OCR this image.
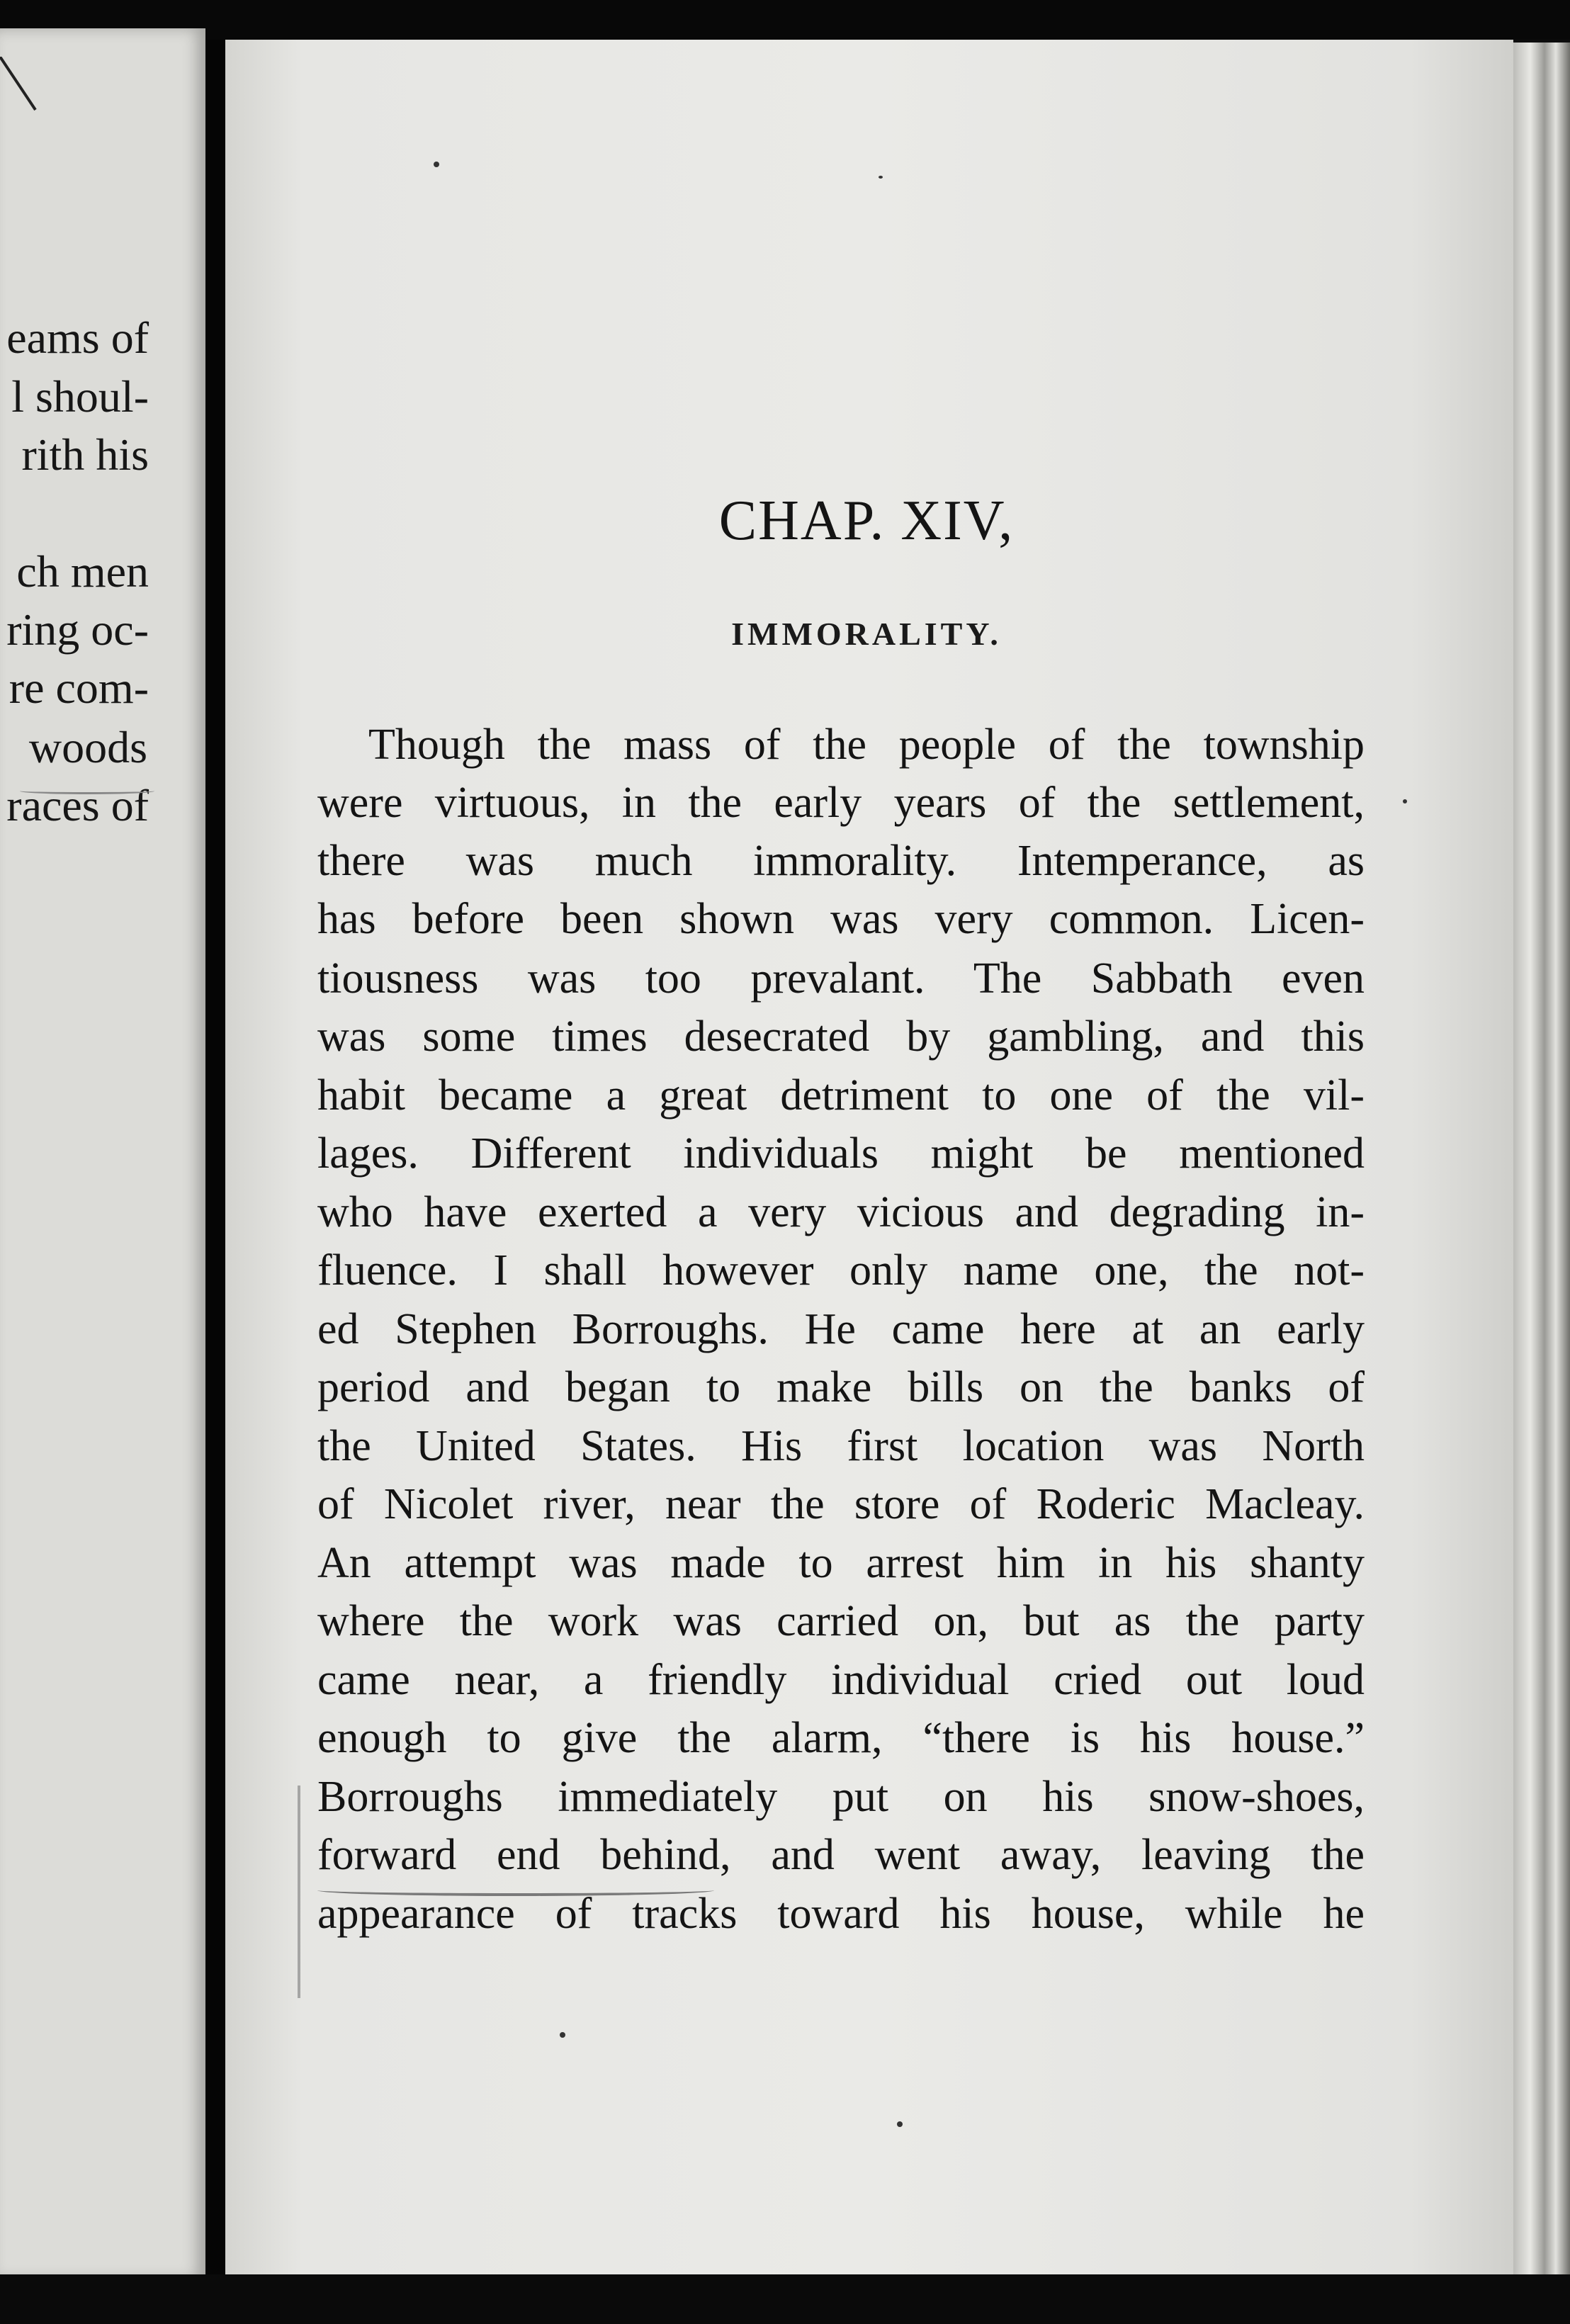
eams of
l shoul-
rith his
ch men
ring oc-
re com-
woods
races of
CHAP. XIV,
IMMORALITY.
Though the mass of the people of the township
were virtuous, in the early years of the settlement,
there was much immorality. Intemperance, as
has before been shown was very common. Licen-
tiousness was too prevalant. The Sabbath even
was some times desecrated by gambling, and this
habit became a great detriment to one of the vil-
lages. Different individuals might be mentioned
who have exerted a very vicious and degrading in-
fluence. I shall however only name one, the not-
ed Stephen Borroughs. He came here at an early
period and began to make bills on the banks of
the United States. His first location was North
of Nicolet river, near the store of Roderic Macleay.
An attempt was made to arrest him in his shanty
where the work was carried on, but as the party
came near, a friendly individual cried out loud
enough to give the alarm, “there is his house.”
Borroughs immediately put on his snow-shoes,
forward end behind, and went away, leaving the
appearance of tracks toward his house, while he
